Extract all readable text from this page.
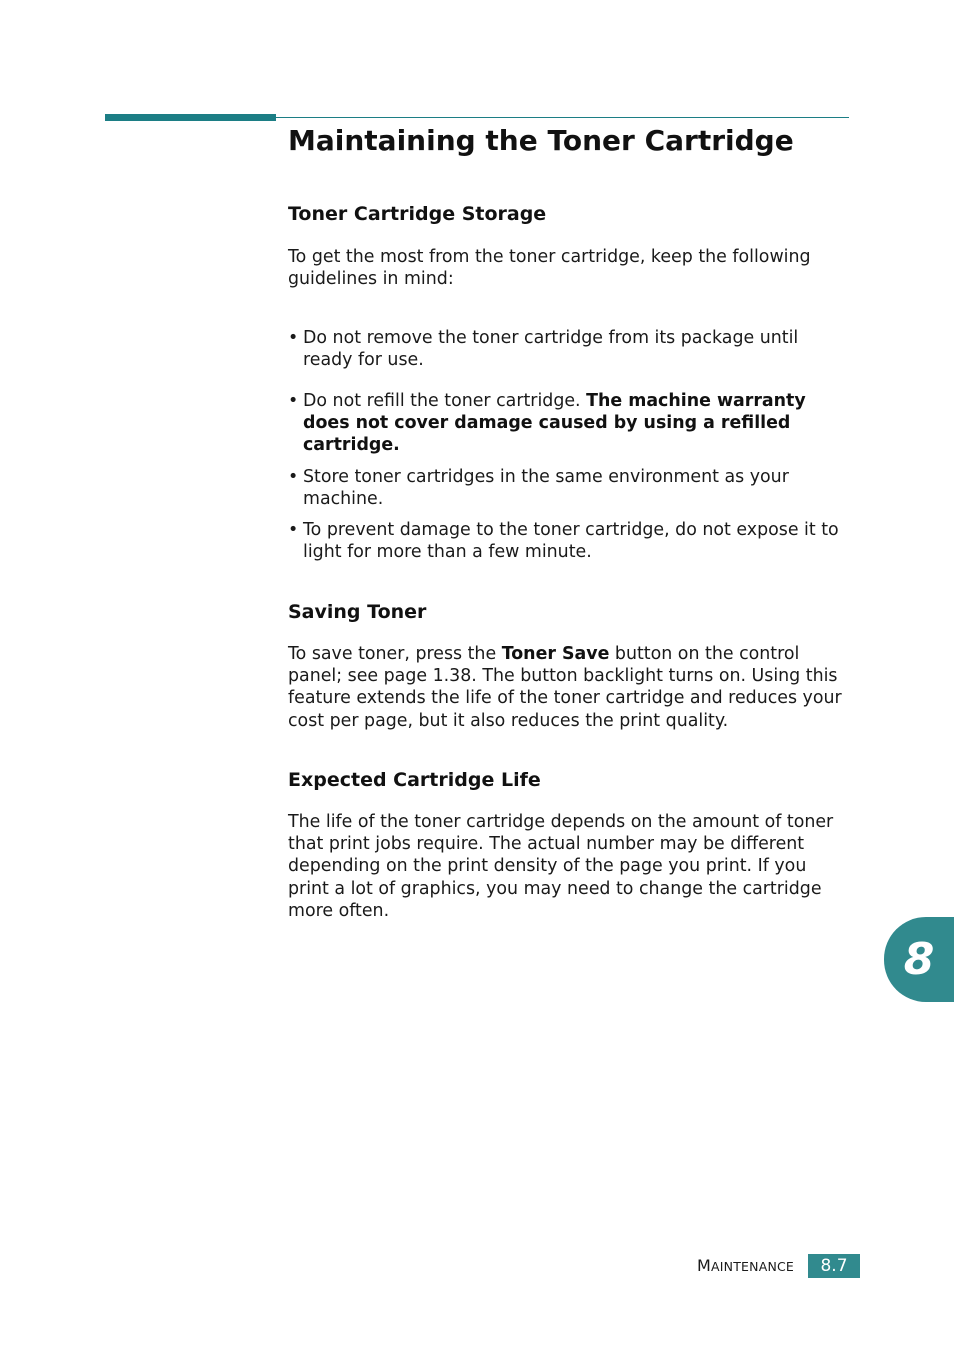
Maintaining the Toner Cartridge
Toner Cartridge Storage

To get the most from the toner cartridge, keep the following guidelines in mind:

• Do not remove the toner cartridge from its package until ready for use.
• Do not refill the toner cartridge. The machine warranty does not cover damage caused by using a refilled cartridge.
• Store toner cartridges in the same environment as your machine.
• To prevent damage to the toner cartridge, do not expose it to light for more than a few minute.
Saving Toner

To save toner, press the Toner Save button on the control panel; see page 1.38. The button backlight turns on. Using this feature extends the life of the toner cartridge and reduces your cost per page, but it also reduces the print quality.

Expected Cartridge Life

The life of the toner cartridge depends on the amount of toner that print jobs require. The actual number may be different depending on the print density of the page you print. If you print a lot of graphics, you may need to change the cartridge more often.

8
MAINTENANCE	8.7
